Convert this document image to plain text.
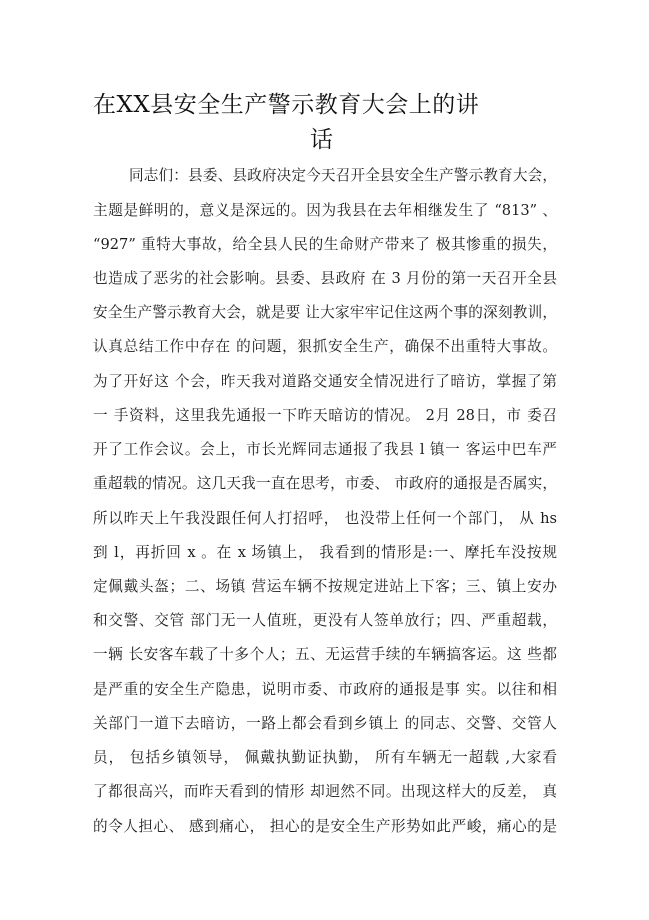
在XX县安全生产警示教育大会上的讲
话
同志们：县委、县政府决定今天召开全县安全生产警示教育大会，
主题是鲜明的，意义是深远的。因为我县在去年相继发生了 “813” 、
“927” 重特大事故，给全县人民的生命财产带来了 极其惨重的损失，
也造成了恶劣的社会影响。县委、县政府 在 3 月份的第一天召开全县
安全生产警示教育大会，就是要 让大家牢牢记住这两个事的深刻教训，
认真总结工作中存在 的问题，狠抓安全生产，确保不出重特大事故。
为了开好这 个会，昨天我对道路交通安全情况进行了暗访，掌握了第
一 手资料，这里我先通报一下昨天暗访的情况。 2月 28日，市 委召
开了工作会议。会上，市长光辉同志通报了我县 l 镇一 客运中巴车严
重超载的情况。这几天我一直在思考，市委、 市政府的通报是否属实，
所以昨天上午我没跟任何人打招呼， 也没带上任何一个部门， 从 hs
到 l，再折回 x 。在 x 场镇上， 我看到的情形是:一、摩托车没按规
定佩戴头盔；二、场镇 营运车辆不按规定进站上下客；三、镇上安办
和交警、交管 部门无一人值班，更没有人签单放行；四、严重超载，
一辆 长安客车载了十多个人；五、无运营手续的车辆搞客运。这 些都
是严重的安全生产隐患，说明市委、市政府的通报是事 实。以往和相
关部门一道下去暗访，一路上都会看到乡镇上 的同志、交警、交管人
员， 包括乡镇领导， 佩戴执勤证执勤， 所有车辆无一超载 ,大家看
了都很高兴，而昨天看到的情形 却迥然不同。出现这样大的反差， 真
的令人担心、 感到痛心， 担心的是安全生产形势如此严峻，痛心的是
